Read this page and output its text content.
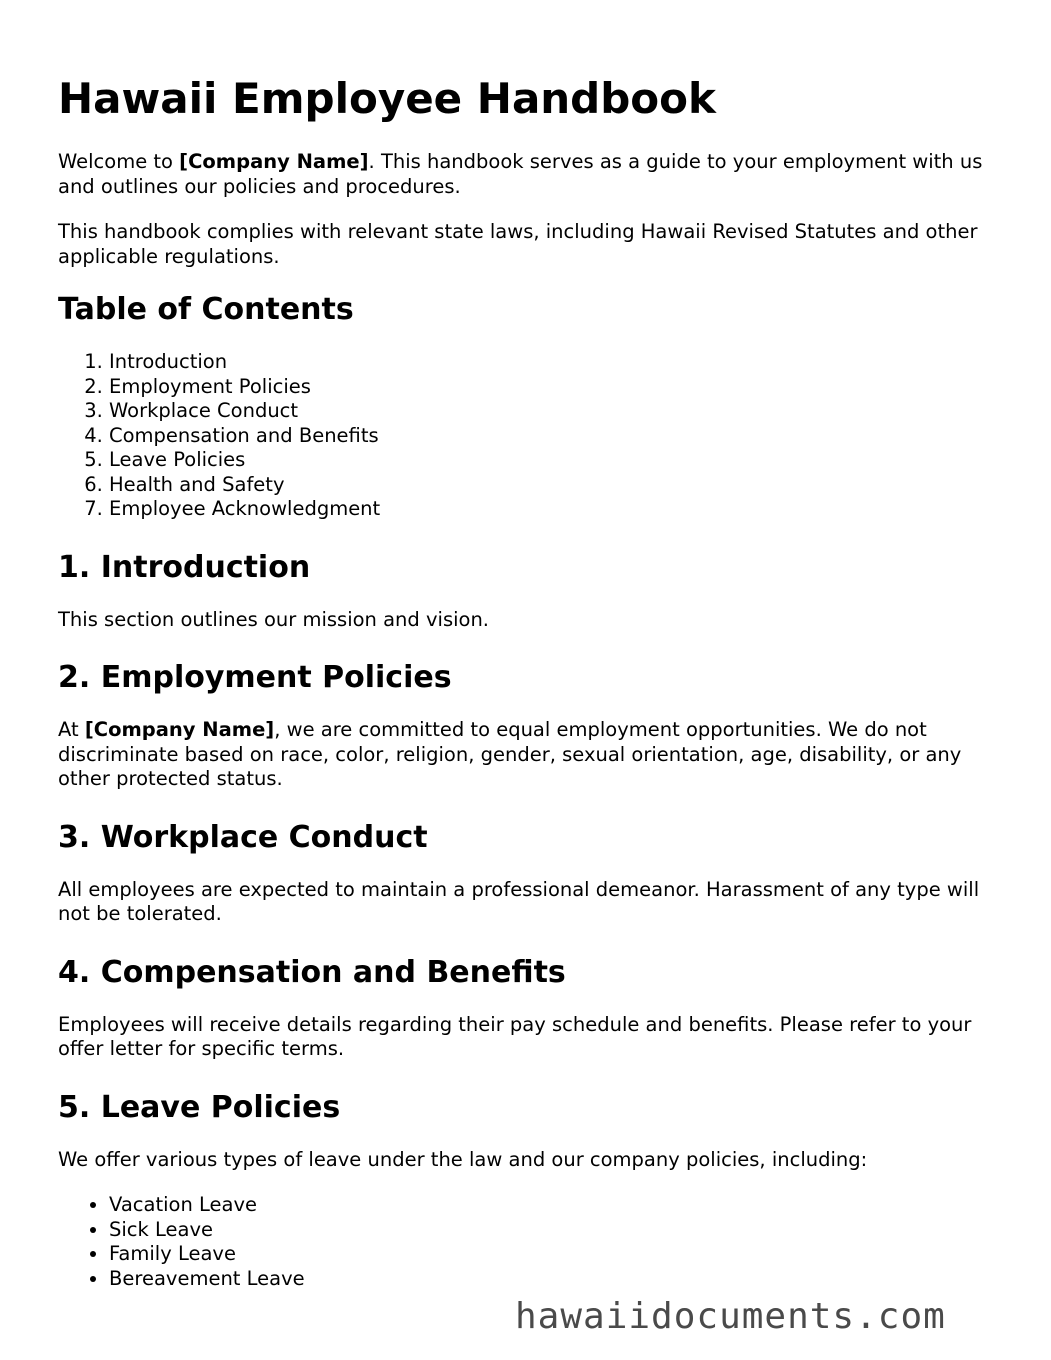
Hawaii Employee Handbook

Welcome to [Company Name]. This handbook serves as a guide to your employment with us and outlines our policies and procedures.

This handbook complies with relevant state laws, including Hawaii Revised Statutes and other applicable regulations.

Table of Contents
1. Introduction
2. Employment Policies
3. Workplace Conduct
4. Compensation and Benefits
5. Leave Policies
6. Health and Safety
7. Employee Acknowledgment
1. Introduction

This section outlines our mission and vision.

2. Employment Policies

At [Company Name], we are committed to equal employment opportunities. We do not discriminate based on race, color, religion, gender, sexual orientation, age, disability, or any other protected status.

3. Workplace Conduct

All employees are expected to maintain a professional demeanor. Harassment of any type will not be tolerated.

4. Compensation and Benefits

Employees will receive details regarding their pay schedule and benefits. Please refer to your offer letter for specific terms.

5. Leave Policies

We offer various types of leave under the law and our company policies, including:

• Vacation Leave
• Sick Leave
• Family Leave
• Bereavement Leave
hawaiidocuments.com
